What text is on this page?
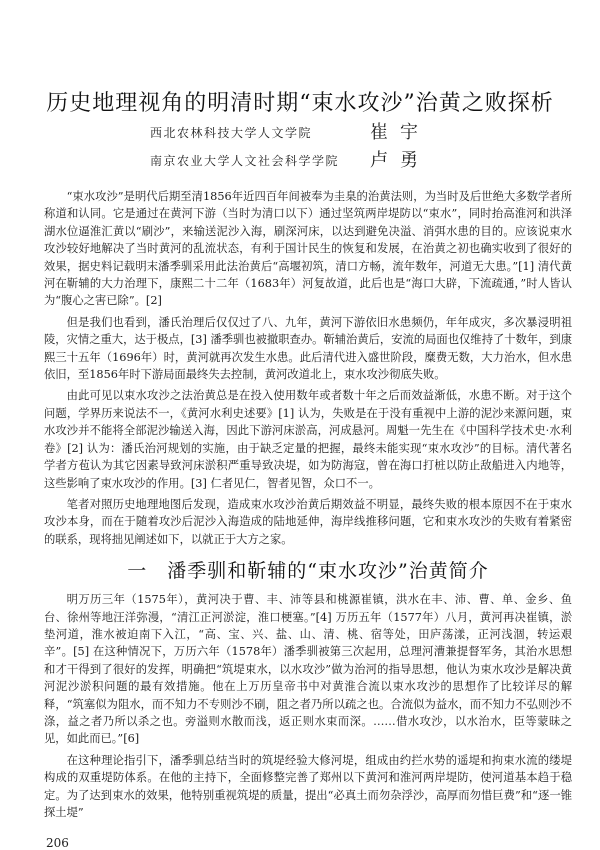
历史地理视角的明清时期“束水攻沙”治黄之败探析
西北农林科技大学人文学院	崔宇
南京农业大学人文社会科学学院 卢勇

“束水攻沙”是明代后期至清1856年近四百年间被奉为圭臬的治黄法则，为当时及后世绝大多数学者所称道和认同。它是通过在黄河下游（当时为清口以下）通过坚筑两岸堤防以“束水”，同时抬高淮河和洪泽湖水位逼淮汇黄以“刷沙”，来输送泥沙入海，刷深河床，以达到避免决溢、消弭水患的目的。应该说束水攻沙较好地解决了当时黄河的乱流状态，有利于国计民生的恢复和发展，在治黄之初也确实收到了很好的效果，据史料记载明末潘季驯采用此法治黄后“高堰初筑，清口方畅，流年数年，河道无大患。”[1] 清代黄河在靳辅的大力治理下，康熙二十二年（1683年）河复故道，此后也是“海口大辟，下流疏通，”时人皆认为“腹心之害已除”。[2]

但是我们也看到，潘氏治理后仅仅过了八、九年，黄河下游依旧水患频仍，年年成灾，多次暴浸明祖陵，灾情之重大，达于极点，[3] 潘季驯也被撤职查办。靳辅治黄后，安流的局面也仅维持了十数年，到康熙三十五年（1696年）时，黄河就再次发生水患。此后清代进入盛世阶段，糜费无数，大力治水，但水患依旧，至1856年时下游局面最终失去控制，黄河改道北上，束水攻沙彻底失败。

由此可见以束水攻沙之法治黄总是在投入使用数年或者数十年之后而效益渐低，水患不断。对于这个问题，学界历来说法不一，《黄河水利史述要》[1] 认为，失败是在于没有重视中上游的泥沙来源问题，束水攻沙并不能将全部泥沙输送入海，因此下游河床淤高，河成悬河。周魁一先生在《中国科学技术史·水利卷》[2] 认为：潘氏治河规划的实施，由于缺乏定量的把握，最终未能实现“束水攻沙”的目标。清代著名学者方苞认为其它因素导致河床淤积严重导致决堤，如为防海寇，曾在海口打桩以防止敌船进入内地等，这些影响了束水攻沙的作用。[3] 仁者见仁，智者见智，众口不一。

笔者对照历史地理地图后发现，造成束水攻沙治黄后期效益不明显，最终失败的根本原因不在于束水攻沙本身，而在于随着攻沙后泥沙入海造成的陆地延伸，海岸线推移问题，它和束水攻沙的失败有着紧密的联系，现将拙见阐述如下，以就正于大方之家。

一　潘季驯和靳辅的“束水攻沙”治黄简介

明万历三年（1575年），黄河决于曹、丰、沛等县和桃源崔镇，洪水在丰、沛、曹、单、金乡、鱼台、徐州等地汪洋弥漫，“清江正河淤淀，淮口梗塞。”[4] 万历五年（1577年）八月，黄河再决崔镇，淤垫河道，淮水被迫南下入江，“高、宝、兴、盐、山、清、桃、宿等处，田庐荡漾，正河浅涸，转运艰辛”。[5] 在这种情况下，万历六年（1578年）潘季驯被第三次起用，总理河漕兼提督军务，其治水思想和才干得到了很好的发挥，明确把“筑堤束水，以水攻沙”做为治河的指导思想，他认为束水攻沙是解决黄河泥沙淤积问题的最有效措施。他在上万历皇帝书中对黄淮合流以束水攻沙的思想作了比较详尽的解释，“筑塞似为阻水，而不知力不专则沙不刷，阻之者乃所以疏之也。合流似为益水，而不知力不弘则沙不涤，益之者乃所以杀之也。旁溢则水散而浅，返正则水束而深。……借水攻沙，以水治水，臣等蒙昧之见，如此而已。”[6]

在这种理论指引下，潘季驯总结当时的筑堤经验大修河堤，组成由约拦水势的遥堤和拘束水流的缕堤构成的双重堤防体系。在他的主持下，全面修整完善了郑州以下黄河和淮河两岸堤防，使河道基本趋于稳定。为了达到束水的效果，他特别重视筑堤的质量，提出“必真土而勿杂浮沙，高厚而勿惜巨费”和“逐一锥探土堤”

206
